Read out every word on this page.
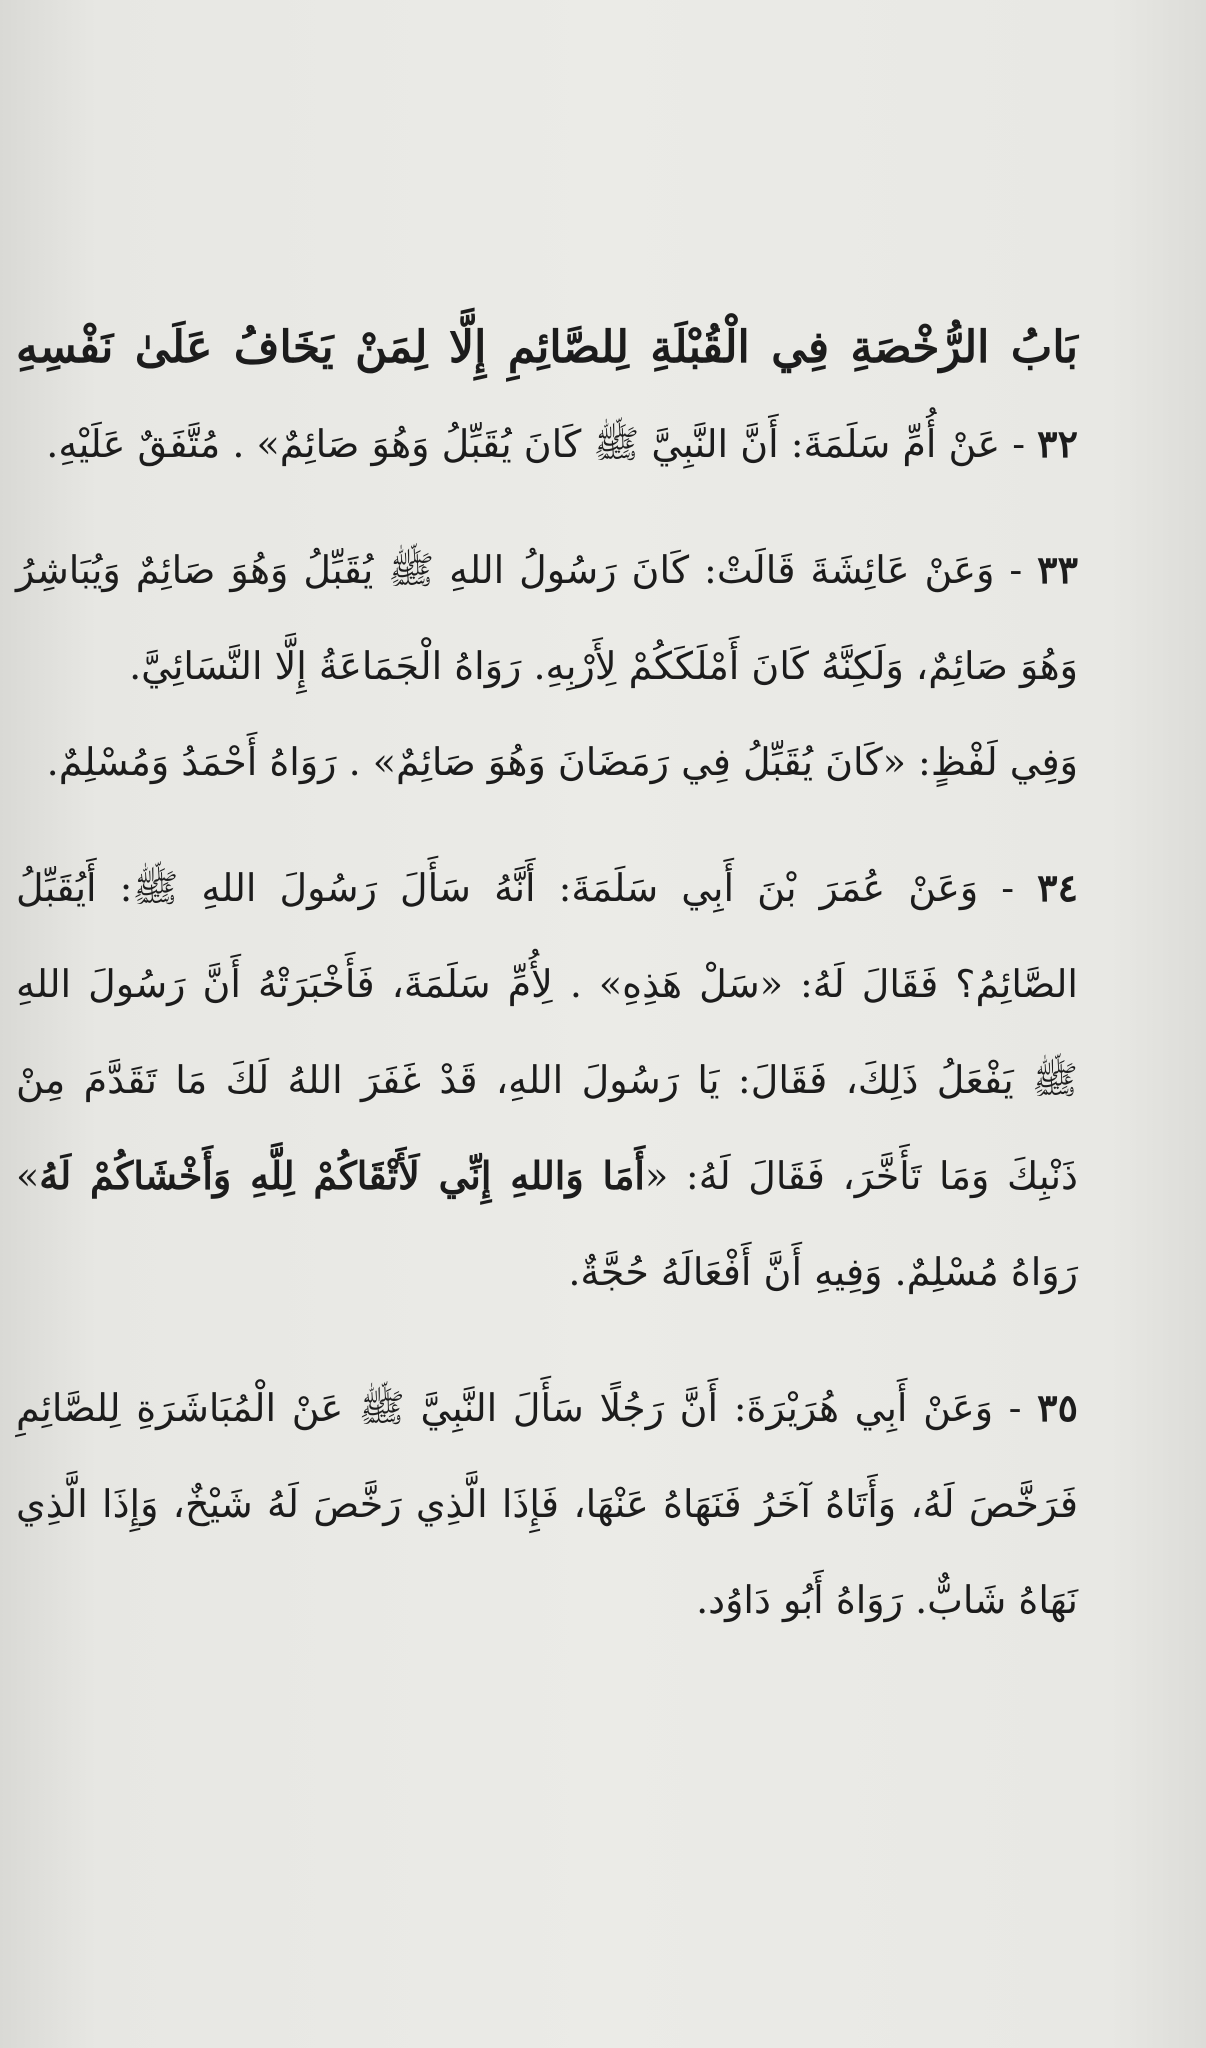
بَابُ الرُّخْصَةِ فِي الْقُبْلَةِ لِلصَّائِمِ إِلَّا لِمَنْ يَخَافُ عَلَىٰ نَفْسِهِ

٣٢ - عَنْ أُمِّ سَلَمَةَ: أَنَّ النَّبِيَّ ﷺ كَانَ يُقَبِّلُ وَهُوَ صَائِمٌ» . مُتَّفَقٌ عَلَيْهِ.

٣٣ - وَعَنْ عَائِشَةَ قَالَتْ: كَانَ رَسُولُ اللهِ ﷺ يُقَبِّلُ وَهُوَ صَائِمٌ وَيُبَاشِرُ وَهُوَ صَائِمٌ، وَلَكِنَّهُ كَانَ أَمْلَكَكُمْ لِأَرْبِهِ. رَوَاهُ الْجَمَاعَةُ إِلَّا النَّسَائِيَّ.

وَفِي لَفْظٍ: «كَانَ يُقَبِّلُ فِي رَمَضَانَ وَهُوَ صَائِمٌ» . رَوَاهُ أَحْمَدُ وَمُسْلِمٌ.

٣٤ - وَعَنْ عُمَرَ بْنَ أَبِي سَلَمَةَ: أَنَّهُ سَأَلَ رَسُولَ اللهِ ﷺ: أَيُقَبِّلُ الصَّائِمُ؟ فَقَالَ لَهُ: «سَلْ هَذِهِ» . لِأُمِّ سَلَمَةَ، فَأَخْبَرَتْهُ أَنَّ رَسُولَ اللهِ ﷺ يَفْعَلُ ذَلِكَ، فَقَالَ: يَا رَسُولَ اللهِ، قَدْ غَفَرَ اللهُ لَكَ مَا تَقَدَّمَ مِنْ ذَنْبِكَ وَمَا تَأَخَّرَ، فَقَالَ لَهُ: «أَمَا وَاللهِ إِنِّي لَأَتْقَاكُمْ لِلَّهِ وَأَخْشَاكُمْ لَهُ» رَوَاهُ مُسْلِمٌ. وَفِيهِ أَنَّ أَفْعَالَهُ حُجَّةٌ.

٣٥ - وَعَنْ أَبِي هُرَيْرَةَ: أَنَّ رَجُلًا سَأَلَ النَّبِيَّ ﷺ عَنْ الْمُبَاشَرَةِ لِلصَّائِمِ فَرَخَّصَ لَهُ، وَأَتَاهُ آخَرُ فَنَهَاهُ عَنْهَا، فَإِذَا الَّذِي رَخَّصَ لَهُ شَيْخٌ، وَإِذَا الَّذِي نَهَاهُ شَابٌّ. رَوَاهُ أَبُو دَاوُد.
